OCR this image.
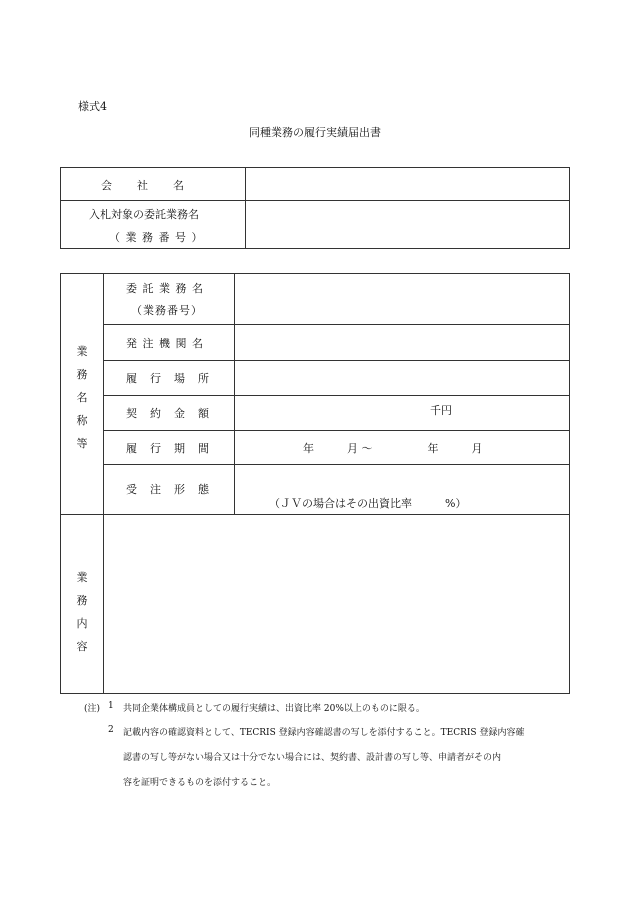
様式4
同種業務の履行実績届出書
会　　社　　名
入札対象の委託業務名
（ 業 務 番 号 ）
業
務
名
称
等
委 託 業 務 名
（業務番号）
発 注 機 関 名
履　行　場　所
契　約　金　額
履　行　期　間
受　注　形　態
千円
年　　　月 ～　　　　　年　　　月
（ＪＶの場合はその出資比率　　　%）
業
務
内
容
(注) 1 共同企業体構成員としての履行実績は、出資比率 20%以上のものに限る。
2 記載内容の確認資料として、TECRIS 登録内容確認書の写しを添付すること。TECRIS 登録内容確
認書の写し等がない場合又は十分でない場合には、契約書、設計書の写し等、申請者がその内
容を証明できるものを添付すること。
